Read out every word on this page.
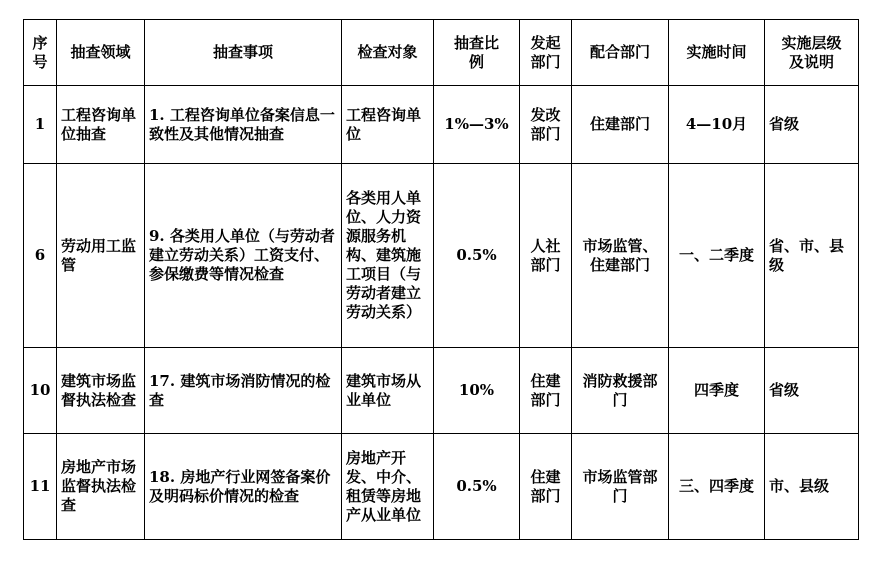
序号	抽查领域	抽查事项	检查对象	抽查比例	发起部门	配合部门	实施时间	实施层级及说明
1	工程咨询单位抽查	1. 工程咨询单位备案信息一致性及其他情况抽查	工程咨询单位	1%—3%	发改部门	住建部门	4—10月	省级
6	劳动用工监管	9. 各类用人单位（与劳动者建立劳动关系）工资支付、参保缴费等情况检查	各类用人单位、人力资源服务机构、建筑施工项目（与劳动者建立劳动关系）	0.5%	人社部门	市场监管、住建部门	一、二季度	省、市、县级
10	建筑市场监督执法检查	17. 建筑市场消防情况的检查	建筑市场从业单位	10%	住建部门	消防救援部门	四季度	省级
11	房地产市场监督执法检查	18. 房地产行业网签备案价及明码标价情况的检查	房地产开发、中介、租赁等房地产从业单位	0.5%	住建部门	市场监管部门	三、四季度	市、县级
